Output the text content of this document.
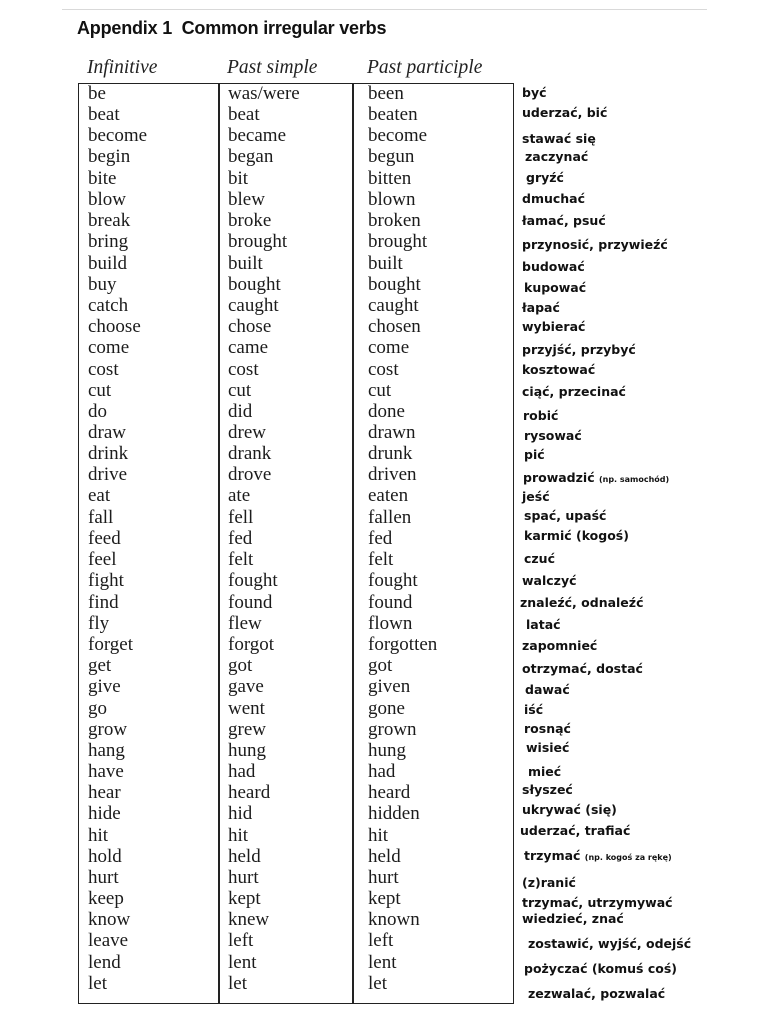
Appendix 1  Common irregular verbs
Infinitive	Past simple	Past participle
be
beat
become
begin
bite
blow
break
bring
build
buy
catch
choose
come
cost
cut
do
draw
drink
drive
eat
fall
feed
feel
fight
find
fly
forget
get
give
go
grow
hang
have
hear
hide
hit
hold
hurt
keep
know
leave
lend
let
was/were
beat
became
began
bit
blew
broke
brought
built
bought
caught
chose
came
cost
cut
did
drew
drank
drove
ate
fell
fed
felt
fought
found
flew
forgot
got
gave
went
grew
hung
had
heard
hid
hit
held
hurt
kept
knew
left
lent
let
been
beaten
become
begun
bitten
blown
broken
brought
built
bought
caught
chosen
come
cost
cut
done
drawn
drunk
driven
eaten
fallen
fed
felt
fought
found
flown
forgotten
got
given
gone
grown
hung
had
heard
hidden
hit
held
hurt
kept
known
left
lent
let
być
uderzać, bić
stawać się
zaczynać
gryźć
dmuchać
łamać, psuć
przynosić, przywieźć
budować
kupować
łapać
wybierać
przyjść, przybyć
kosztować
ciąć, przecinać
robić
rysować
pić
prowadzić (np. samochód)
jeść
spać, upaść
karmić (kogoś)
czuć
walczyć
znaleźć, odnaleźć
latać
zapomnieć
otrzymać, dostać
dawać
iść
rosnąć
wisieć
mieć
słyszeć
ukrywać (się)
uderzać, trafiać
trzymać (np. kogoś za rękę)
(z)ranić
trzymać, utrzymywać
wiedzieć, znać
zostawić, wyjść, odejść
pożyczać (komuś coś)
zezwalać, pozwalać
